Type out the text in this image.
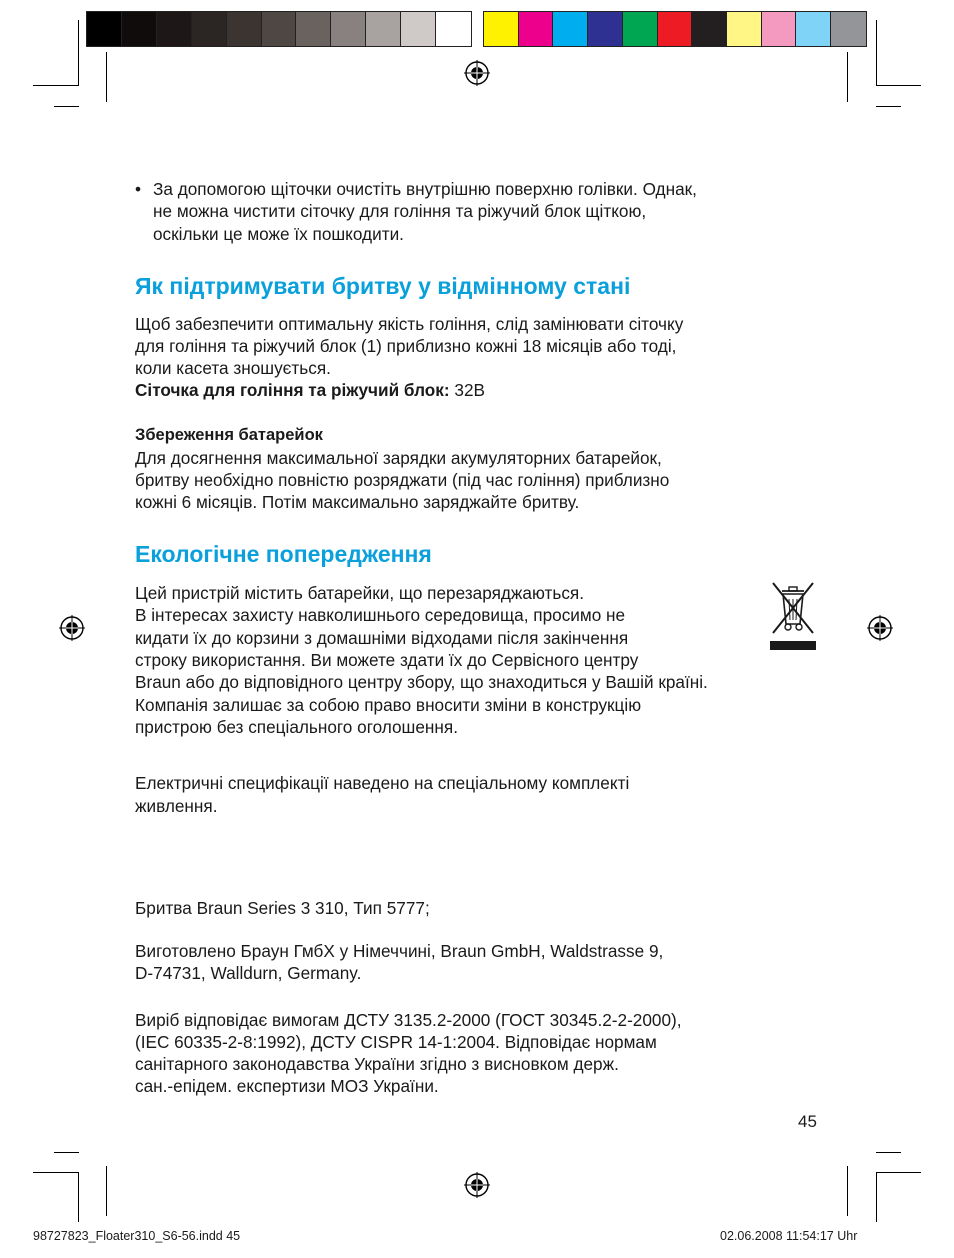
• За допомогою щіточки очистіть внутрішню поверхню голівки. Однак,
не можна чистити сіточку для гоління та ріжучий блок щіткою,
оскільки це може їх пошкодити.
Як підтримувати бритву у відмінному стані
Щоб забезпечити оптимальну якість гоління, слід замінювати сіточку
для гоління та ріжучий блок (1) приблизно кожні 18 місяців або тоді,
коли касета зношується.
Сіточка для гоління та ріжучий блок: 32B
Збереження батарейок
Для досягнення максимальної зарядки акумуляторних батарейок,
бритву необхідно повністю розряджати (під час гоління) приблизно
кожні 6 місяців. Потім максимально заряджайте бритву.
Екологічне попередження
Цей пристрій містить батарейки, що перезаряджаються.
В інтересах захисту навколишнього середовища, просимо не
кидати їх до корзини з домашніми відходами після закінчення
строку використання. Ви можете здати їх до Сервісного центру
Braun або до відповідного центру збору, що знаходиться у Вашій країні.
Компанія залишає за собою право вносити зміни в конструкцію
пристрою без спеціального оголошення.
Електричні специфікації наведено на спеціальному комплекті
живлення.
Бритва Braun Series 3 310, Тип 5777;
Виготовлено Браун ГмбХ у Німеччині, Braun GmbH, Waldstrasse 9,
D-74731, Walldurn, Germany.
Виріб відповідає вимогам ДСТУ 3135.2-2000 (ГОСТ 30345.2-2-2000),
(IEC 60335-2-8:1992), ДСТУ CISPR 14-1:2004. Відповідає нормам
санітарного законодавства України згідно з висновком держ.
сан.-епідем. експертизи МОЗ України.
45
98727823_Floater310_S6-56.indd 45	02.06.2008 11:54:17 Uhr
